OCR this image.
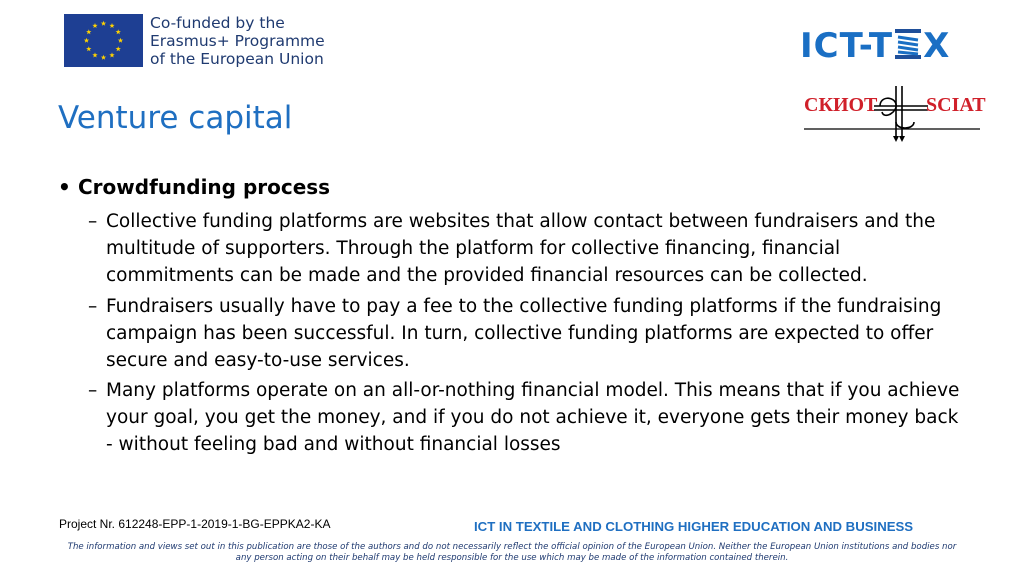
Co-funded by the
Erasmus+ Programme
of the European Union	ICT-T X
СКИОТ SCIAT
Venture capital
• Crowdfunding process
– Collective funding platforms are websites that allow contact between fundraisers and the multitude of supporters. Through the platform for collective financing, financial commitments can be made and the provided financial resources can be collected.
– Fundraisers usually have to pay a fee to the collective funding platforms if the fundraising campaign has been successful. In turn, collective funding platforms are expected to offer secure and easy-to-use services.
– Many platforms operate on an all-or-nothing financial model. This means that if you achieve your goal, you get the money, and if you do not achieve it, everyone gets their money back - without feeling bad and without financial losses
Project Nr. 612248-EPP-1-2019-1-BG-EPPKA2-KA	ICT IN TEXTILE AND CLOTHING HIGHER EDUCATION AND BUSINESS
The information and views set out in this publication are those of the authors and do not necessarily reflect the official opinion of the European Union. Neither the European Union institutions and bodies nor any person acting on their behalf may be held responsible for the use which may be made of the information contained therein.
